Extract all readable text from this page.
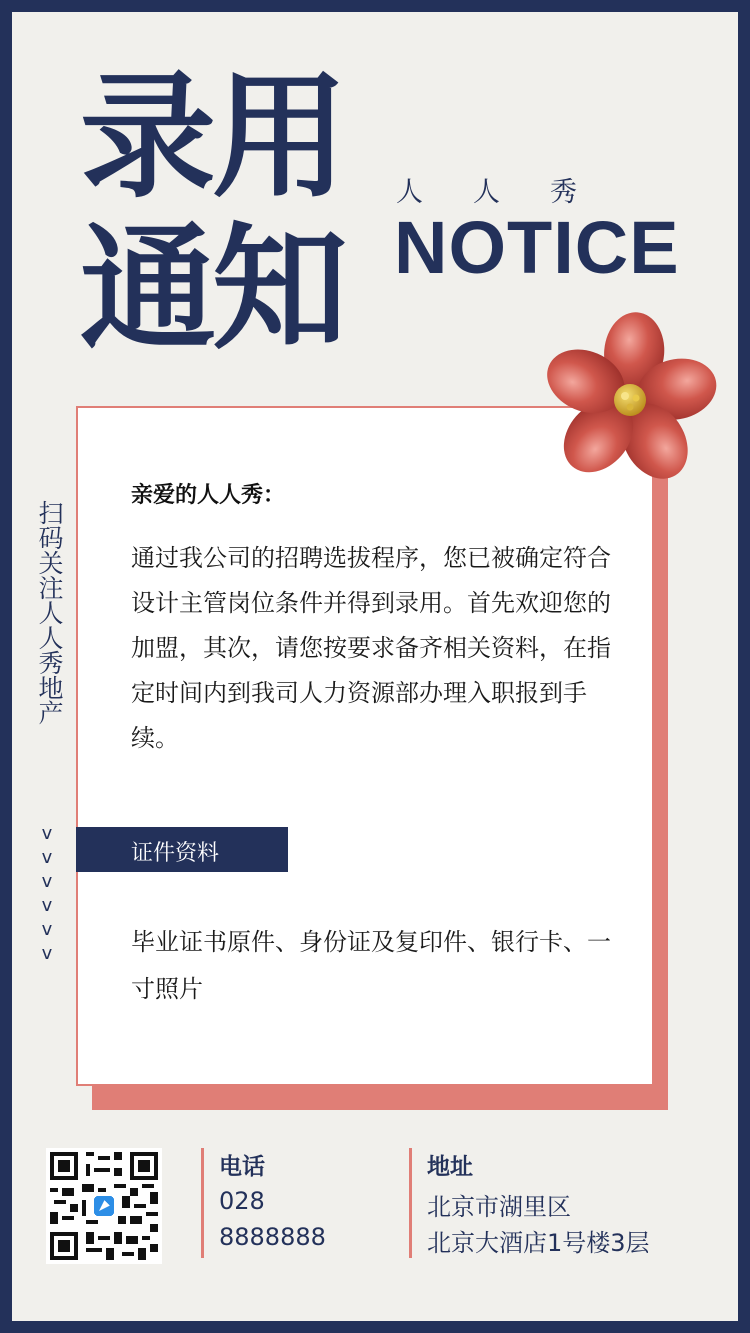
录用
通知
人人秀
NOTICE
扫码关注人人秀地产
v
v
v
v
v
v
亲爱的人人秀：
通过我公司的招聘选拔程序，您已被确定符合设计主管岗位条件并得到录用。首先欢迎您的加盟，其次，请您按要求备齐相关资料，在指定时间内到我司人力资源部办理入职报到手续。
证件资料
毕业证书原件、身份证及复印件、银行卡、一寸照片
电话
028
8888888
地址
北京市湖里区
北京大酒店1号楼3层
